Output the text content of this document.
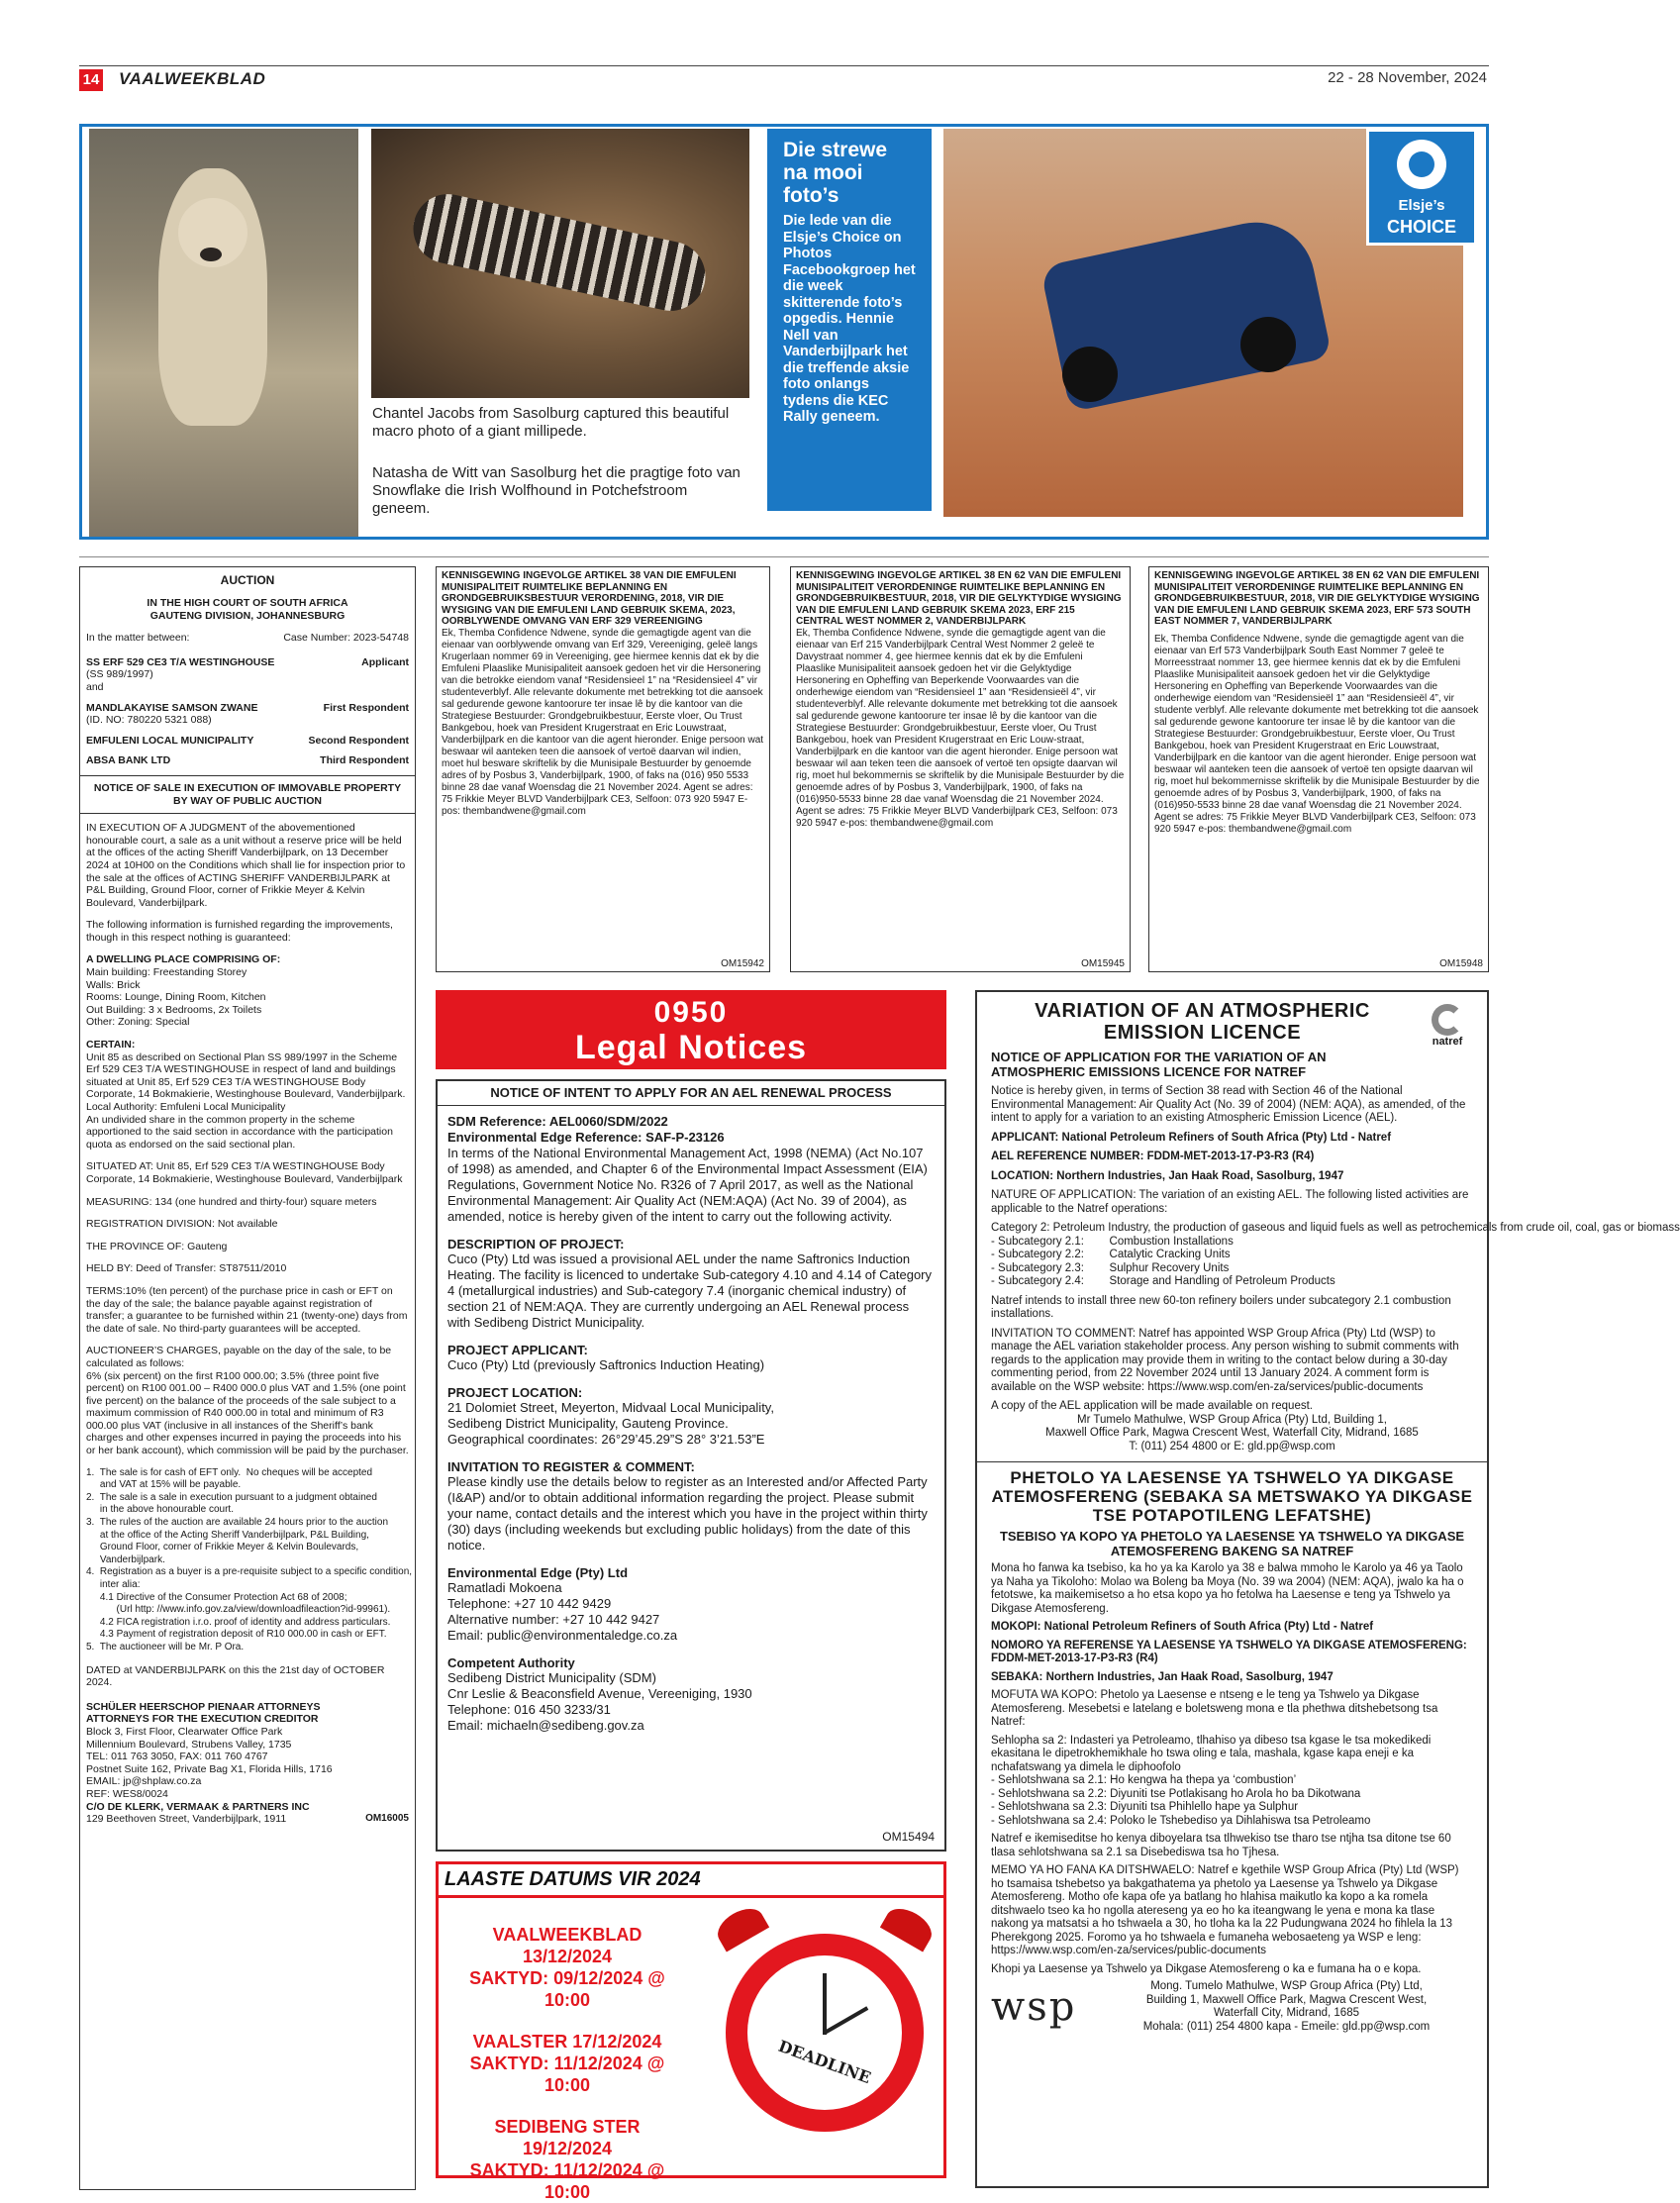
14 VAALWEEKBLAD	22 - 28 November, 2024
Chantel Jacobs from Sasolburg captured this beautiful macro photo of a giant millipede.
Natasha de Witt van Sasolburg het die pragtige foto van Snowflake die Irish Wolfhound in Potchefstroom geneem.
Die strewe na mooi foto’s
Die lede van die Elsje’s Choice on Photos Facebookgroep het die week skitterende foto’s opgedis. Hennie Nell van Vanderbijlpark het die treffende aksie foto onlangs tydens die KEC Rally geneem.
Elsje’s
CHOICE
AUCTION
IN THE HIGH COURT OF SOUTH AFRICA
GAUTENG DIVISION, JOHANNESBURG
In the matter between:	Case Number: 2023-54748
SS ERF 529 CE3 T/A WESTINGHOUSE	Applicant
(SS 989/1997)
and
MANDLAKAYISE SAMSON ZWANE	First Respondent
(ID. NO: 780220 5321 088)
EMFULENI LOCAL MUNICIPALITY	Second Respondent
ABSA BANK LTD	Third Respondent
NOTICE OF SALE IN EXECUTION OF IMMOVABLE PROPERTY BY WAY OF PUBLIC AUCTION
IN EXECUTION OF A JUDGMENT of the abovementioned honourable court, a sale as a unit without a reserve price will be held at the offices of the acting Sheriff Vanderbijlpark, on 13 December 2024 at 10H00 on the Conditions which shall lie for inspection prior to the sale at the offices of ACTING SHERIFF VANDERBIJLPARK at P&L Building, Ground Floor, corner of Frikkie Meyer & Kelvin Boulevard, Vanderbijlpark.
The following information is furnished regarding the improvements, though in this respect nothing is guaranteed:
A DWELLING PLACE COMPRISING OF:
Main building: Freestanding Storey
Walls: Brick
Rooms: Lounge, Dining Room, Kitchen
Out Building: 3 x Bedrooms, 2x Toilets
Other: Zoning: Special
CERTAIN:
Unit 85 as described on Sectional Plan SS 989/1997 in the Scheme Erf 529 CE3 T/A WESTINGHOUSE in respect of land and buildings situated at Unit 85, Erf 529 CE3 T/A WESTINGHOUSE Body Corporate, 14 Bokmakierie, Westinghouse Boulevard, Vanderbijlpark. Local Authority: Emfuleni Local Municipality
An undivided share in the common property in the scheme apportioned to the said section in accordance with the participation quota as endorsed on the said sectional plan.
SITUATED AT: Unit 85, Erf 529 CE3 T/A WESTINGHOUSE Body Corporate, 14 Bokmakierie, Westinghouse Boulevard, Vanderbijlpark
MEASURING: 134 (one hundred and thirty-four) square meters
REGISTRATION DIVISION: Not available
THE PROVINCE OF: Gauteng
HELD BY: Deed of Transfer: ST87511/2010
TERMS:10% (ten percent) of the purchase price in cash or EFT on the day of the sale; the balance payable against registration of transfer; a guarantee to be furnished within 21 (twenty-one) days from the date of sale. No third-party guarantees will be accepted.
AUCTIONEER’S CHARGES, payable on the day of the sale, to be calculated as follows:
6% (six percent) on the first R100 000.00; 3.5% (three point five percent) on R100 001.00 – R400 000.0 plus VAT and 1.5% (one point five percent) on the balance of the proceeds of the sale subject to a maximum commission of R40 000.00 in total and minimum of R3 000.00 plus VAT (inclusive in all instances of the Sheriff’s bank charges and other expenses incurred in paying the proceeds into his or her bank account), which commission will be paid by the purchaser.
1.  The sale is for cash of EFT only.  No cheques will be accepted
and VAT at 15% will be payable.
2.  The sale is a sale in execution pursuant to a judgment obtained
in the above honourable court.
3.  The rules of the auction are available 24 hours prior to the auction
at the office of the Acting Sheriff Vanderbijlpark, P&L Building,
Ground Floor, corner of Frikkie Meyer & Kelvin Boulevards,
Vanderbijlpark.
4.  Registration as a buyer is a pre-requisite subject to a specific condition,
inter alia:
4.1 Directive of the Consumer Protection Act 68 of 2008;
(Url http: //www.info.gov.za/view/downloadfileaction?id-99961).
4.2 FICA registration i.r.o. proof of identity and address particulars.
4.3 Payment of registration deposit of R10 000.00 in cash or EFT.
5.  The auctioneer will be Mr. P Ora.
DATED at VANDERBIJLPARK on this the 21st day of OCTOBER 2024.
SCHÜLER HEERSCHOP PIENAAR ATTORNEYS
ATTORNEYS FOR THE EXECUTION CREDITOR
Block 3, First Floor, Clearwater Office Park
Millennium Boulevard, Strubens Valley, 1735
TEL: 011 763 3050, FAX: 011 760 4767
Postnet Suite 162, Private Bag X1, Florida Hills, 1716
EMAIL: jp@shplaw.co.za
REF: WES8/0024
C/O DE KLERK, VERMAAK & PARTNERS INC
129 Beethoven Street, Vanderbijlpark, 1911	OM16005
KENNISGEWING INGEVOLGE ARTIKEL 38 VAN DIE EMFULENI MUNISIPALITEIT RUIMTELIKE BEPLANNING EN GRONDGEBRUIKSBESTUUR VERORDENING, 2018, VIR DIE WYSIGING VAN DIE EMFULENI LAND GEBRUIK SKEMA, 2023, OORBLYWENDE OMVANG VAN ERF 329 VEREENIGING
Ek, Themba Confidence Ndwene, synde die gemagtigde agent van die eienaar van oorblywende omvang van Erf 329, Vereeniging, geleë langs Krugerlaan nommer 69 in Vereeniging, gee hiermee kennis dat ek by die Emfuleni Plaaslike Munisipaliteit aansoek gedoen het vir die Hersonering van die betrokke eiendom vanaf “Residensieel 1” na “Residensieel 4” vir studenteverblyf. Alle relevante dokumente met betrekking tot die aansoek sal gedurende gewone kantoorure ter insae lê by die kantoor van die Strategiese Bestuurder: Grondgebruikbestuur, Eerste vloer, Ou Trust Bankgebou, hoek van President Krugerstraat en Eric Louwstraat, Vanderbijlpark en die kantoor van die agent hieronder. Enige persoon wat beswaar wil aanteken teen die aansoek of vertoë daarvan wil indien, moet hul besware skriftelik by die Munisipale Bestuurder by genoemde adres of by Posbus 3, Vanderbijlpark, 1900, of faks na (016) 950 5533 binne 28 dae vanaf Woensdag die 21 November 2024. Agent se adres: 75 Frikkie Meyer BLVD Vanderbijlpark CE3, Selfoon: 073 920 5947 E-pos: thembandwene@gmail.com
OM15942
KENNISGEWING INGEVOLGE ARTIKEL 38 EN 62 VAN DIE EMFULENI MUNISIPALITEIT VERORDENINGE RUIMTELIKE BEPLANNING EN GRONDGEBRUIKBESTUUR, 2018, VIR DIE GELYKTYDIGE WYSIGING VAN DIE EMFULENI LAND GEBRUIK SKEMA 2023, ERF 215 CENTRAL WEST NOMMER 2, VANDERBIJLPARK
Ek, Themba Confidence Ndwene, synde die gemagtigde agent van die eienaar van Erf 215 Vanderbijlpark Central West Nommer 2 geleë te Davystraat nommer 4, gee hiermee kennis dat ek by die Emfuleni Plaaslike Munisipaliteit aansoek gedoen het vir die Gelyktydige Hersonering en Opheffing van Beperkende Voorwaardes van die onderhewige eiendom van “Residensieel 1” aan “Residensieël 4”, vir studenteverblyf. Alle relevante dokumente met betrekking tot die aansoek sal gedurende gewone kantoorure ter insae lê by die kantoor van die Strategiese Bestuurder: Grondgebruikbestuur, Eerste vloer, Ou Trust Bankgebou, hoek van President Krugerstraat en Eric Louw-straat, Vanderbijlpark en die kantoor van die agent hieronder. Enige persoon wat beswaar wil aan teken teen die aansoek of vertoë ten opsigte daarvan wil rig, moet hul bekommernis se skriftelik by die Munisipale Bestuurder by die genoemde adres of by Posbus 3, Vanderbijlpark, 1900, of faks na (016)950-5533 binne 28 dae vanaf Woensdag die 21 November 2024. Agent se adres: 75 Frikkie Meyer BLVD Vanderbijlpark CE3, Selfoon: 073 920 5947 e-pos: thembandwene@gmail.com
OM15945
KENNISGEWING INGEVOLGE ARTIKEL 38 EN 62 VAN DIE EMFULENI MUNISIPALITEIT VERORDENINGE RUIMTELIKE BEPLANNING EN GRONDGEBRUIKBESTUUR, 2018, VIR DIE GELYKTYDIGE WYSIGING VAN DIE EMFULENI LAND GEBRUIK SKEMA 2023, ERF 573 SOUTH EAST NOMMER 7, VANDERBIJLPARK
Ek, Themba Confidence Ndwene, synde die gemagtigde agent van die eienaar van Erf 573 Vanderbijlpark South East Nommer 7 geleë te Morreesstraat nommer 13, gee hiermee kennis dat ek by die Emfuleni Plaaslike Munisipaliteit aansoek gedoen het vir die Gelyktydige Hersonering en Opheffing van Beperkende Voorwaardes van die onderhewige eiendom van “Residensieël 1” aan “Residensieël 4”, vir studente verblyf. Alle relevante dokumente met betrekking tot die aansoek sal gedurende gewone kantoorure ter insae lê by die kantoor van die Strategiese Bestuurder: Grondgebruikbestuur, Eerste vloer, Ou Trust Bankgebou, hoek van President Krugerstraat en Eric Louwstraat, Vanderbijlpark en die kantoor van die agent hieronder. Enige persoon wat beswaar wil aanteken teen die aansoek of vertoë ten opsigte daarvan wil rig, moet hul bekommernisse skriftelik by die Munisipale Bestuurder by die genoemde adres of by Posbus 3, Vanderbijlpark, 1900, of faks na (016)950-5533 binne 28 dae vanaf Woensdag die 21 November 2024. Agent se adres: 75 Frikkie Meyer BLVD Vanderbijlpark CE3, Selfoon: 073 920 5947 e-pos: thembandwene@gmail.com
OM15948
0950
Legal Notices
NOTICE OF INTENT TO APPLY FOR AN AEL RENEWAL PROCESS
SDM Reference: AEL0060/SDM/2022
Environmental Edge Reference: SAF-P-23126
In terms of the National Environmental Management Act, 1998 (NEMA) (Act No.107 of 1998) as amended, and Chapter 6 of the Environmental Impact Assessment (EIA) Regulations, Government Notice No. R326 of 7 April 2017, as well as the National Environmental Management: Air Quality Act (NEM:AQA) (Act No. 39 of 2004), as amended, notice is hereby given of the intent to carry out the following activity.
DESCRIPTION OF PROJECT:
Cuco (Pty) Ltd was issued a provisional AEL under the name Saftronics Induction Heating. The facility is licenced to undertake Sub-category 4.10 and 4.14 of Category 4 (metallurgical industries) and Sub-category 7.4 (inorganic chemical industry) of section 21 of NEM:AQA. They are currently undergoing an AEL Renewal process with Sedibeng District Municipality.
PROJECT APPLICANT:
Cuco (Pty) Ltd (previously Saftronics Induction Heating)
PROJECT LOCATION:
21 Dolomiet Street, Meyerton, Midvaal Local Municipality,
Sedibeng District Municipality, Gauteng Province.
Geographical coordinates: 26°29’45.29”S 28° 3’21.53”E
INVITATION TO REGISTER & COMMENT:
Please kindly use the details below to register as an Interested and/or Affected Party (I&AP) and/or to obtain additional information regarding the project. Please submit your name, contact details and the interest which you have in the project within thirty (30) days (including weekends but excluding public holidays) from the date of this notice.
Environmental Edge (Pty) Ltd
Ramatladi Mokoena
Telephone: +27 10 442 9429
Alternative number: +27 10 442 9427
Email: public@environmentaledge.co.za
Competent Authority
Sedibeng District Municipality (SDM)
Cnr Leslie & Beaconsfield Avenue, Vereeniging, 1930
Telephone: 016 450 3233/31
Email: michaeln@sedibeng.gov.za
OM15494
LAASTE DATUMS VIR 2024
VAALWEEKBLAD 13/12/2024
SAKTYD: 09/12/2024 @ 10:00
VAALSTER 17/12/2024
SAKTYD: 11/12/2024 @ 10:00
SEDIBENG STER 19/12/2024
SAKTYD: 11/12/2024 @ 10:00
DEADLINE
VARIATION OF AN ATMOSPHERIC EMISSION LICENCE	natref
NOTICE OF APPLICATION FOR THE VARIATION OF AN ATMOSPHERIC EMISSIONS LICENCE FOR NATREF
Notice is hereby given, in terms of Section 38 read with Section 46 of the National Environmental Management: Air Quality Act (No. 39 of 2004) (NEM: AQA), as amended, of the intent to apply for a variation to an existing Atmospheric Emission Licence (AEL).
APPLICANT: National Petroleum Refiners of South Africa (Pty) Ltd - Natref
AEL REFERENCE NUMBER: FDDM-MET-2013-17-P3-R3 (R4)
LOCATION: Northern Industries, Jan Haak Road, Sasolburg, 1947
NATURE OF APPLICATION: The variation of an existing AEL. The following listed activities are applicable to the Natref operations:
Category 2: Petroleum Industry, the production of gaseous and liquid fuels as well as petrochemicals from crude oil, coal, gas or biomass
- Subcategory 2.1:        Combustion Installations
- Subcategory 2.2:        Catalytic Cracking Units
- Subcategory 2.3:        Sulphur Recovery Units
- Subcategory 2.4:        Storage and Handling of Petroleum Products
Natref intends to install three new 60-ton refinery boilers under subcategory 2.1 combustion installations.
INVITATION TO COMMENT: Natref has appointed WSP Group Africa (Pty) Ltd (WSP) to manage the AEL variation stakeholder process. Any person wishing to submit comments with regards to the application may provide them in writing to the contact below during a 30-day commenting period, from 22 November 2024 until 13 January 2024. A comment form is available on the WSP website: https://www.wsp.com/en-za/services/public-documents
A copy of the AEL application will be made available on request.
Mr Tumelo Mathulwe, WSP Group Africa (Pty) Ltd, Building 1,
Maxwell Office Park, Magwa Crescent West, Waterfall City, Midrand, 1685
T: (011) 254 4800 or E: gld.pp@wsp.com
PHETOLO YA LAESENSE YA TSHWELO YA DIKGASE ATEMOSFERENG (SEBAKA SA METSWAKO YA DIKGASE TSE POTAPOTILENG LEFATSHE)
TSEBISO YA KOPO YA PHETOLO YA LAESENSE YA TSHWELO YA DIKGASE ATEMOSFERENG BAKENG SA NATREF
Mona ho fanwa ka tsebiso, ka ho ya ka Karolo ya 38 e balwa mmoho le Karolo ya 46 ya Taolo ya Naha ya Tikoloho: Molao wa Boleng ba Moya (No. 39 wa 2004) (NEM: AQA), jwalo ka ha o fetotswe, ka maikemisetso a ho etsa kopo ya ho fetolwa ha Laesense e teng ya Tshwelo ya Dikgase Atemosfereng.
MOKOPI: National Petroleum Refiners of South Africa (Pty) Ltd - Natref
NOMORO YA REFERENSE YA LAESENSE YA TSHWELO YA DIKGASE ATEMOSFERENG: FDDM-MET-2013-17-P3-R3 (R4)
SEBAKA: Northern Industries, Jan Haak Road, Sasolburg, 1947
MOFUTA WA KOPO: Phetolo ya Laesense e ntseng e le teng ya Tshwelo ya Dikgase Atemosfereng. Mesebetsi e latelang e boletsweng mona e tla phethwa ditshebetsong tsa Natref:
Sehlopha sa 2: Indasteri ya Petroleamo, tlhahiso ya dibeso tsa kgase le tsa mokedikedi ekasitana le dipetrokhemikhale ho tswa oling e tala, mashala, kgase kapa eneji e ka nchafatswang ya dimela le diphoofolo
- Sehlotshwana sa 2.1: Ho kengwa ha thepa ya ‘combustion’
- Sehlotshwana sa 2.2: Diyuniti tse Potlakisang ho Arola ho ba Dikotwana
- Sehlotshwana sa 2.3: Diyuniti tsa Phihlello hape ya Sulphur
- Sehlotshwana sa 2.4: Poloko le Tshebediso ya Dihlahiswa tsa Petroleamo
Natref e ikemiseditse ho kenya diboyelara tsa tlhwekiso tse tharo tse ntjha tsa ditone tse 60 tlasa sehlotshwana sa 2.1 sa Disebediswa tsa ho Tjhesa.
MEMO YA HO FANA KA DITSHWAELO: Natref e kgethile WSP Group Africa (Pty) Ltd (WSP) ho tsamaisa tshebetso ya bakgathatema ya phetolo ya Laesense ya Tshwelo ya Dikgase Atemosfereng. Motho ofe kapa ofe ya batlang ho hlahisa maikutlo ka kopo a ka romela ditshwaelo tseo ka ho ngolla atereseng ya eo ho ka iteangwang le yena e mona ka tlase nakong ya matsatsi a ho tshwaela a 30, ho tloha ka la 22 Pudungwana 2024 ho fihlela la 13 Pherekgong 2025. Foromo ya ho tshwaela e fumaneha webosaeteng ya WSP e leng: https://www.wsp.com/en-za/services/public-documents
Khopi ya Laesense ya Tshwelo ya Dikgase Atemosfereng o ka e fumana ha o e kopa.
wsp	Mong. Tumelo Mathulwe, WSP Group Africa (Pty) Ltd,
Building 1, Maxwell Office Park, Magwa Crescent West,
Waterfall City, Midrand, 1685
Mohala: (011) 254 4800 kapa - Emeile: gld.pp@wsp.com
